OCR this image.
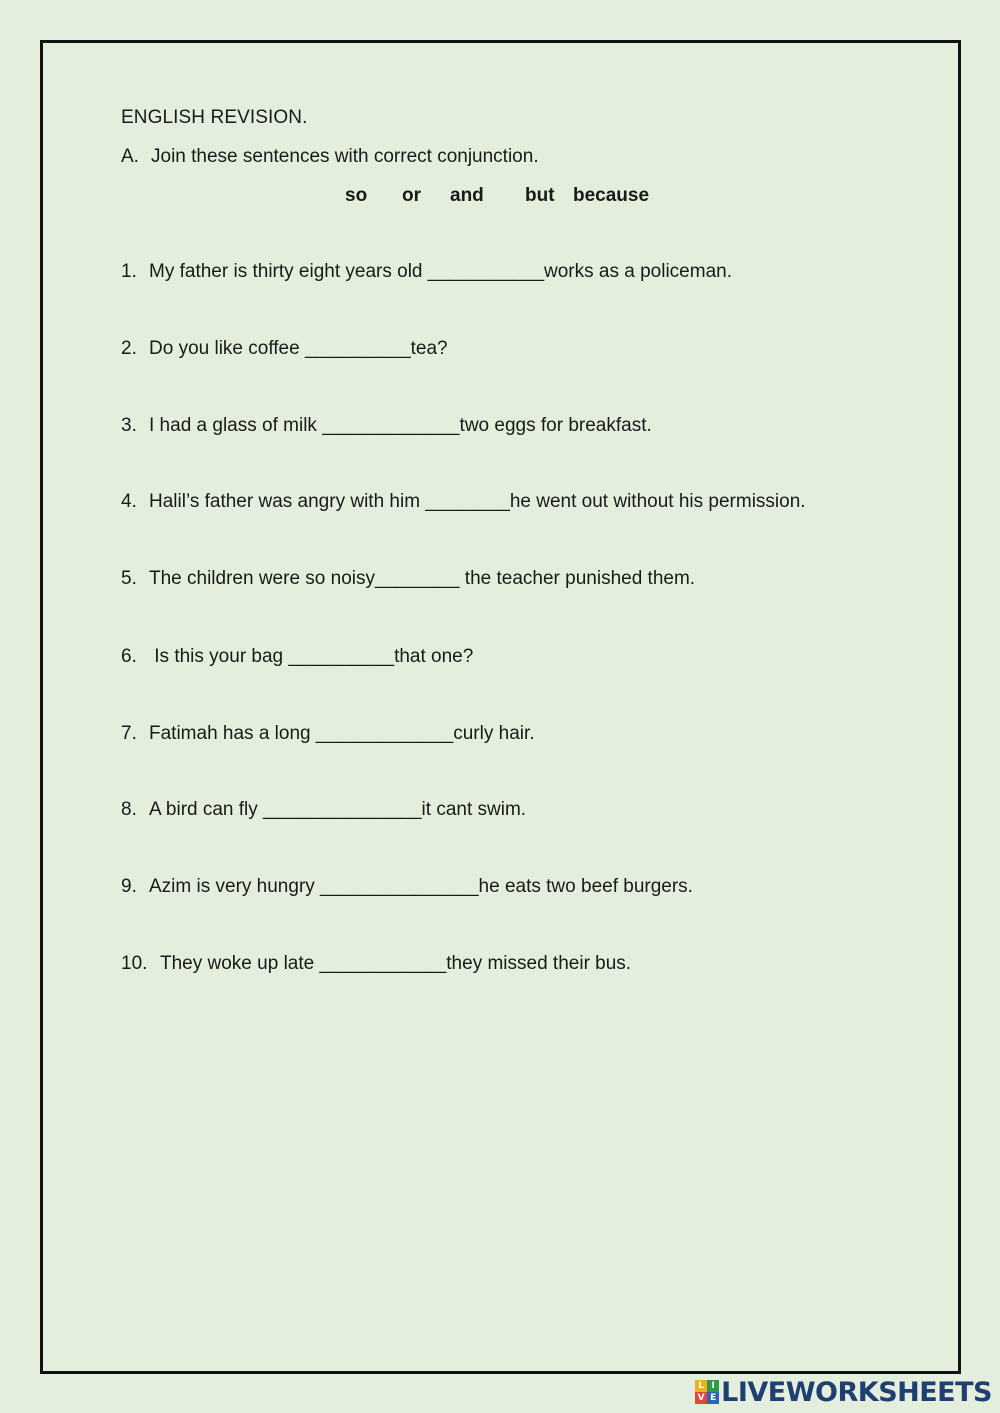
ENGLISH REVISION.
A. Join these sentences with correct conjunction.
so or and but because
1. My father is thirty eight years old ___________works as a policeman.
2. Do you like coffee __________tea?
3. I had a glass of milk _____________two eggs for breakfast.
4. Halil’s father was angry with him ________he went out without his permission.
5. The children were so noisy________ the teacher punished them.
6. Is this your bag __________that one?
7. Fatimah has a long _____________curly hair.
8. A bird can fly _______________it cant swim.
9. Azim is very hungry _______________he eats two beef burgers.
10. They woke up late ____________they missed their bus.
L I
V E LIVEWORKSHEETS
